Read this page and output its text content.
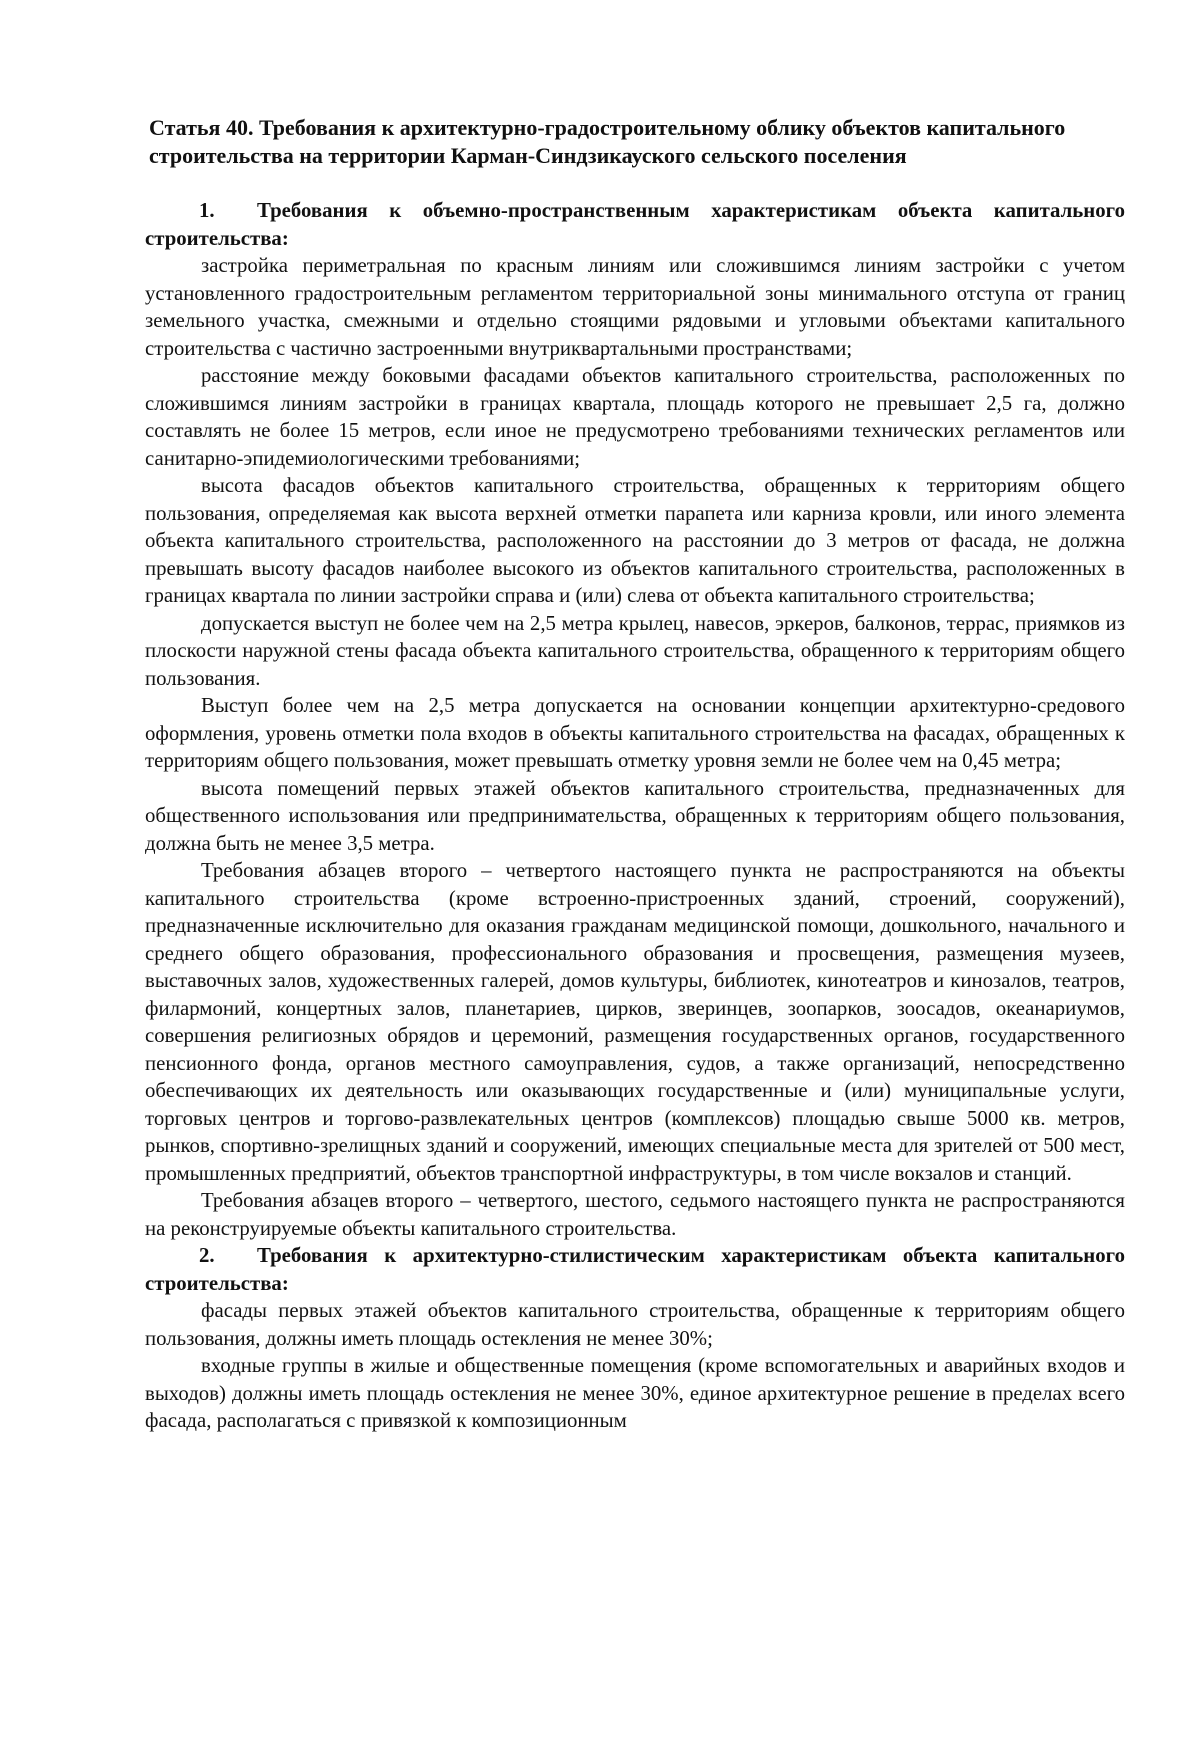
Статья 40. Требования к архитектурно-градостроительному облику объектов капитального строительства на территории Карман-Синдзикауского сельского поселения

1. Требования к объемно-пространственным характеристикам объекта капитального строительства:

застройка периметральная по красным линиям или сложившимся линиям застройки с учетом установленного градостроительным регламентом территориальной зоны минимального отступа от границ земельного участка, смежными и отдельно стоящими рядовыми и угловыми объектами капитального строительства с частично застроенными внутриквартальными пространствами;

расстояние между боковыми фасадами объектов капитального строительства, расположенных по сложившимся линиям застройки в границах квартала, площадь которого не превышает 2,5 га, должно составлять не более 15 метров, если иное не предусмотрено требованиями технических регламентов или санитарно-эпидемиологическими требованиями;

высота фасадов объектов капитального строительства, обращенных к территориям общего пользования, определяемая как высота верхней отметки парапета или карниза кровли, или иного элемента объекта капитального строительства, расположенного на расстоянии до 3 метров от фасада, не должна превышать высоту фасадов наиболее высокого из объектов капитального строительства, расположенных в границах квартала по линии застройки справа и (или) слева от объекта капитального строительства;

допускается выступ не более чем на 2,5 метра крылец, навесов, эркеров, балконов, террас, приямков из плоскости наружной стены фасада объекта капитального строительства, обращенного к территориям общего пользования.

Выступ более чем на 2,5 метра допускается на основании концепции архитектурно-средового оформления, уровень отметки пола входов в объекты капитального строительства на фасадах, обращенных к территориям общего пользования, может превышать отметку уровня земли не более чем на 0,45 метра;

высота помещений первых этажей объектов капитального строительства, предназначенных для общественного использования или предпринимательства, обращенных к территориям общего пользования, должна быть не менее 3,5 метра.

Требования абзацев второго – четвертого настоящего пункта не распространяются на объекты капитального строительства (кроме встроенно-пристроенных зданий, строений, сооружений), предназначенные исключительно для оказания гражданам медицинской помощи, дошкольного, начального и среднего общего образования, профессионального образования и просвещения, размещения музеев, выставочных залов, художественных галерей, домов культуры, библиотек, кинотеатров и кинозалов, театров, филармоний, концертных залов, планетариев, цирков, зверинцев, зоопарков, зоосадов, океанариумов, совершения религиозных обрядов и церемоний, размещения государственных органов, государственного пенсионного фонда, органов местного самоуправления, судов, а также организаций, непосредственно обеспечивающих их деятельность или оказывающих государственные и (или) муниципальные услуги, торговых центров и торгово-развлекательных центров (комплексов) площадью свыше 5000 кв. метров, рынков, спортивно-зрелищных зданий и сооружений, имеющих специальные места для зрителей от 500 мест, промышленных предприятий, объектов транспортной инфраструктуры, в том числе вокзалов и станций.

Требования абзацев второго – четвертого, шестого, седьмого настоящего пункта не распространяются на реконструируемые объекты капитального строительства.

2. Требования к архитектурно-стилистическим характеристикам объекта капитального строительства:

фасады первых этажей объектов капитального строительства, обращенные к территориям общего пользования, должны иметь площадь остекления не менее 30%;

входные группы в жилые и общественные помещения (кроме вспомогательных и аварийных входов и выходов) должны иметь площадь остекления не менее 30%, единое архитектурное решение в пределах всего фасада, располагаться с привязкой к композиционным
